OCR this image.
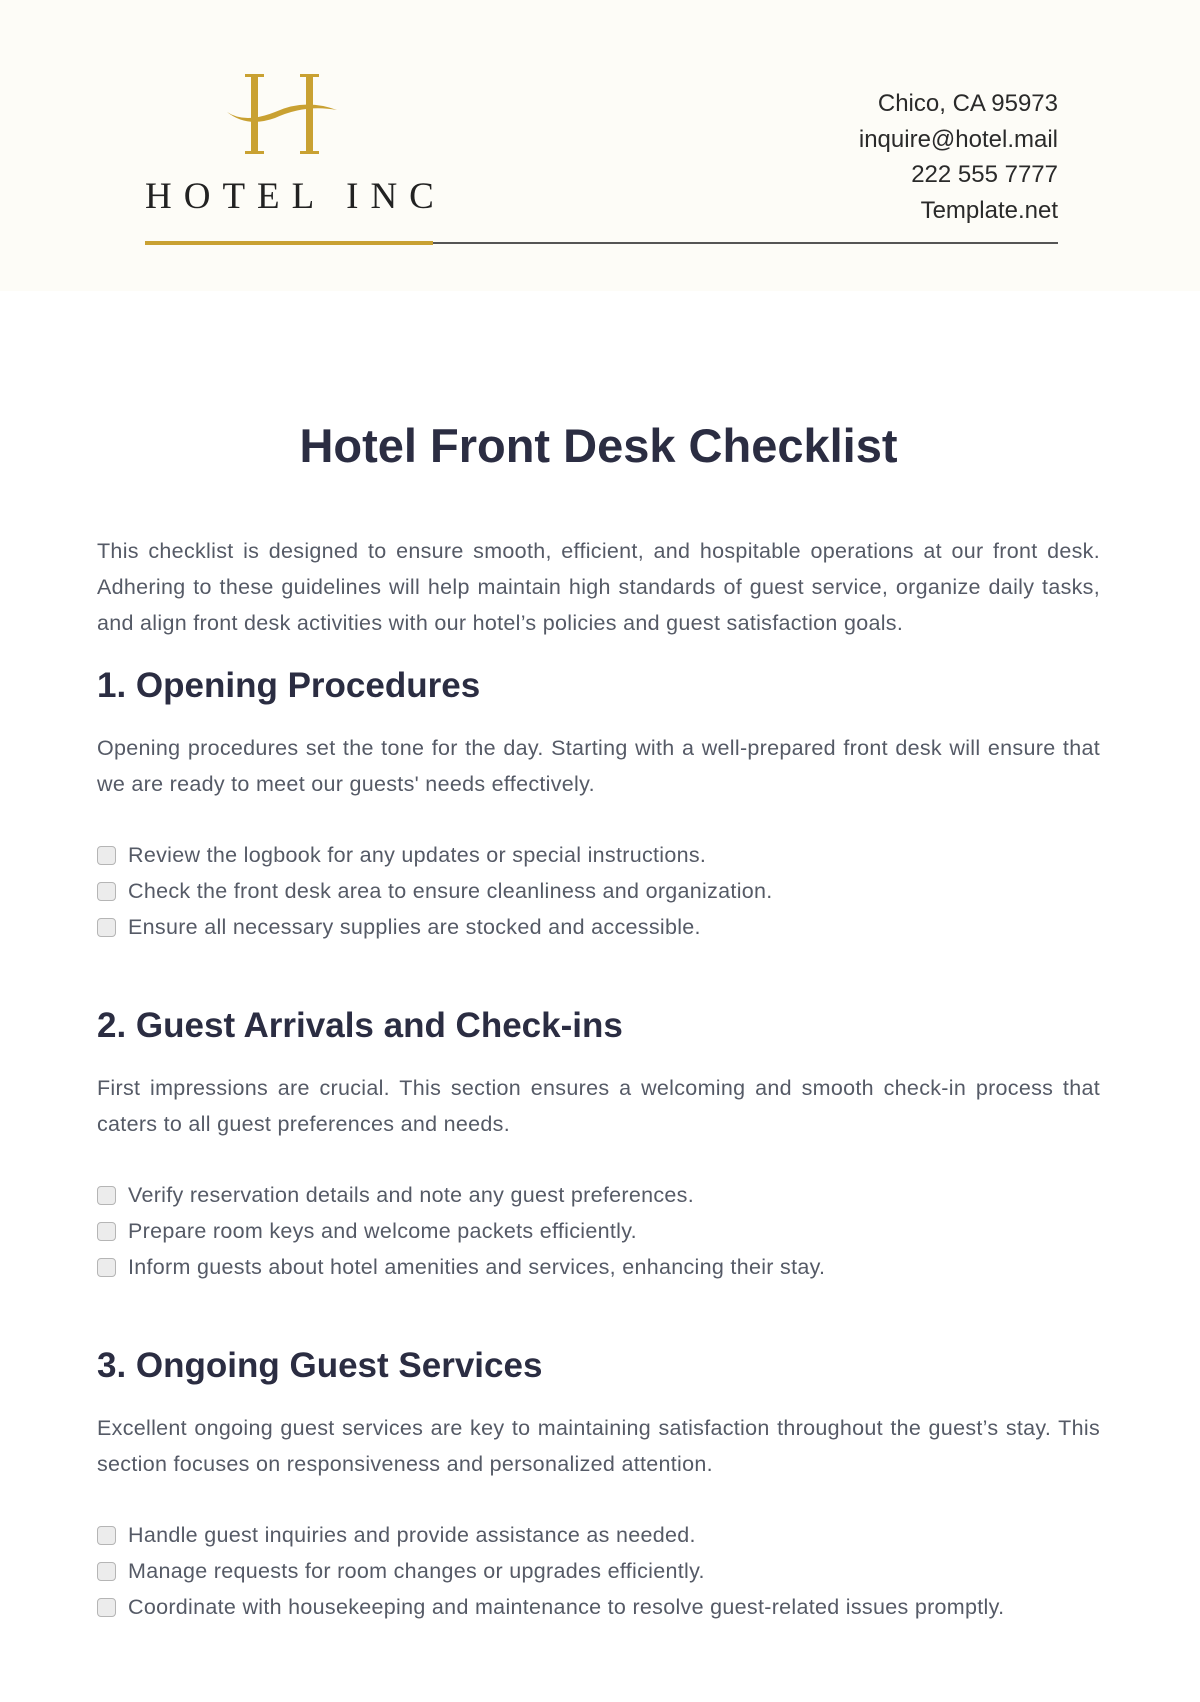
HOTEL INC
Chico, CA 95973
inquire@hotel.mail
222 555 7777
Template.net
Hotel Front Desk Checklist

This checklist is designed to ensure smooth, efficient, and hospitable operations at our front desk. Adhering to these guidelines will help maintain high standards of guest service, organize daily tasks, and align front desk activities with our hotel’s policies and guest satisfaction goals.

1. Opening Procedures

Opening procedures set the tone for the day. Starting with a well-prepared front desk will ensure that we are ready to meet our guests' needs effectively.

Review the logbook for any updates or special instructions.
Check the front desk area to ensure cleanliness and organization.
Ensure all necessary supplies are stocked and accessible.
2. Guest Arrivals and Check-ins

First impressions are crucial. This section ensures a welcoming and smooth check-in process that caters to all guest preferences and needs.

Verify reservation details and note any guest preferences.
Prepare room keys and welcome packets efficiently.
Inform guests about hotel amenities and services, enhancing their stay.
3. Ongoing Guest Services

Excellent ongoing guest services are key to maintaining satisfaction throughout the guest’s stay. This section focuses on responsiveness and personalized attention.

Handle guest inquiries and provide assistance as needed.
Manage requests for room changes or upgrades efficiently.
Coordinate with housekeeping and maintenance to resolve guest-related issues promptly.
